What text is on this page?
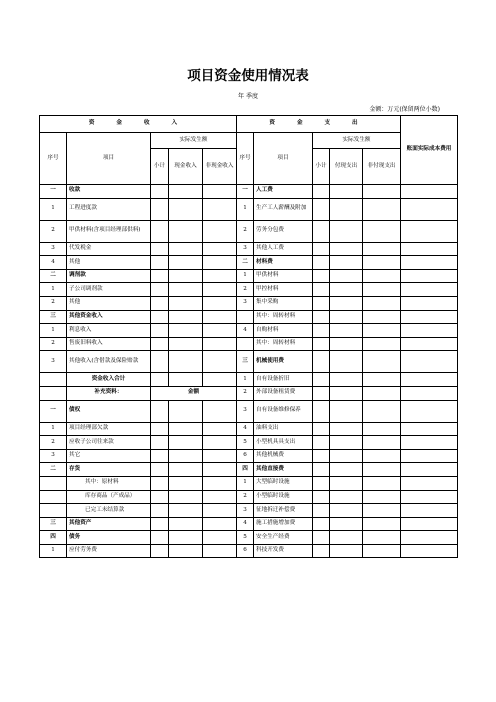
项目资金使用情况表
年 季度
金额：万元(保留两位小数)
资 金 收 入					资 金 支 出					账面实际成本费用
序号	项目	实际发生额			序号	项目	实际发生额			
		小计	现金收入	非现金收入			小计	付现支出	非付现支出	
一	收款				一	人工费				
1	工程进度款				1	生产工人薪酬及附加				
2	甲供材料(含项目经理部供料)				2	劳务分包费				
3	代发税金				3	其他人工费				
4	其他				二	材料费				
二	调剂款				1	甲供材料				
1	子公司调剂款				2	甲控材料				
2	其他				3	集中采购				
三	其他资金收入					其中：周转材料				
1	利息收入				4	自购材料				
2	售废旧料收入					其中：周转材料				
3	其他收入(含借款及保险赔款				三	机械使用费				
	资金收入合计				1	自有设备折旧				
	补充资料：	金额			2	外部设备租赁费				
一	债权				3	自有设备维修保养				
1	项目经理部欠款				4	油料支出				
2	应收子公司往来款				5	小型机具具支出				
3	其它				6	其他机械费				
二	存货				四	其他直接费				
	其中：原材料				1	大型临时设施				
	库存商品（产成品）				2	小型临时设施				
	已完工未结算款				3	征地拆迁补偿费				
三	其他资产				4	施工措施增加费				
四	债务				5	安全生产经费				
1	应付劳务费				6	科技开发费				
